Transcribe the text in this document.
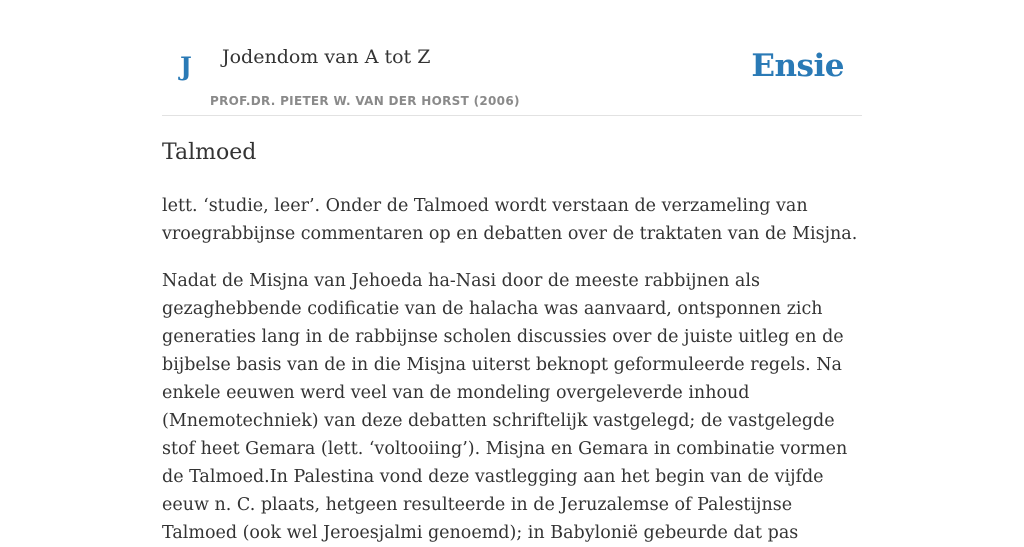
J Jodendom van A tot Z
PROF.DR. PIETER W. VAN DER HORST (2006)
Ensie
Talmoed

lett. ‘studie, leer’. Onder de Talmoed wordt verstaan de verzameling van vroegrabbijnse commentaren op en debatten over de traktaten van de Misjna.

Nadat de Misjna van Jehoeda ha-Nasi door de meeste rabbijnen als gezaghebbende codificatie van de halacha was aanvaard, ontsponnen zich generaties lang in de rabbijnse scholen discussies over de juiste uitleg en de bijbelse basis van de in die Misjna uiterst beknopt geformuleerde regels. Na enkele eeuwen werd veel van de mondeling overgeleverde inhoud (Mnemotechniek) van deze debatten schriftelijk vastgelegd; de vastgelegde stof heet Gemara (lett. ‘voltooiing’). Misjna en Gemara in combinatie vormen de Talmoed.In Palestina vond deze vastlegging aan het begin van de vijfde eeuw n. C. plaats, hetgeen resulteerde in de Jeruzalemse of Palestijnse Talmoed (ook wel Jeroesjalmi genoemd); in Babylonië gebeurde dat pas
